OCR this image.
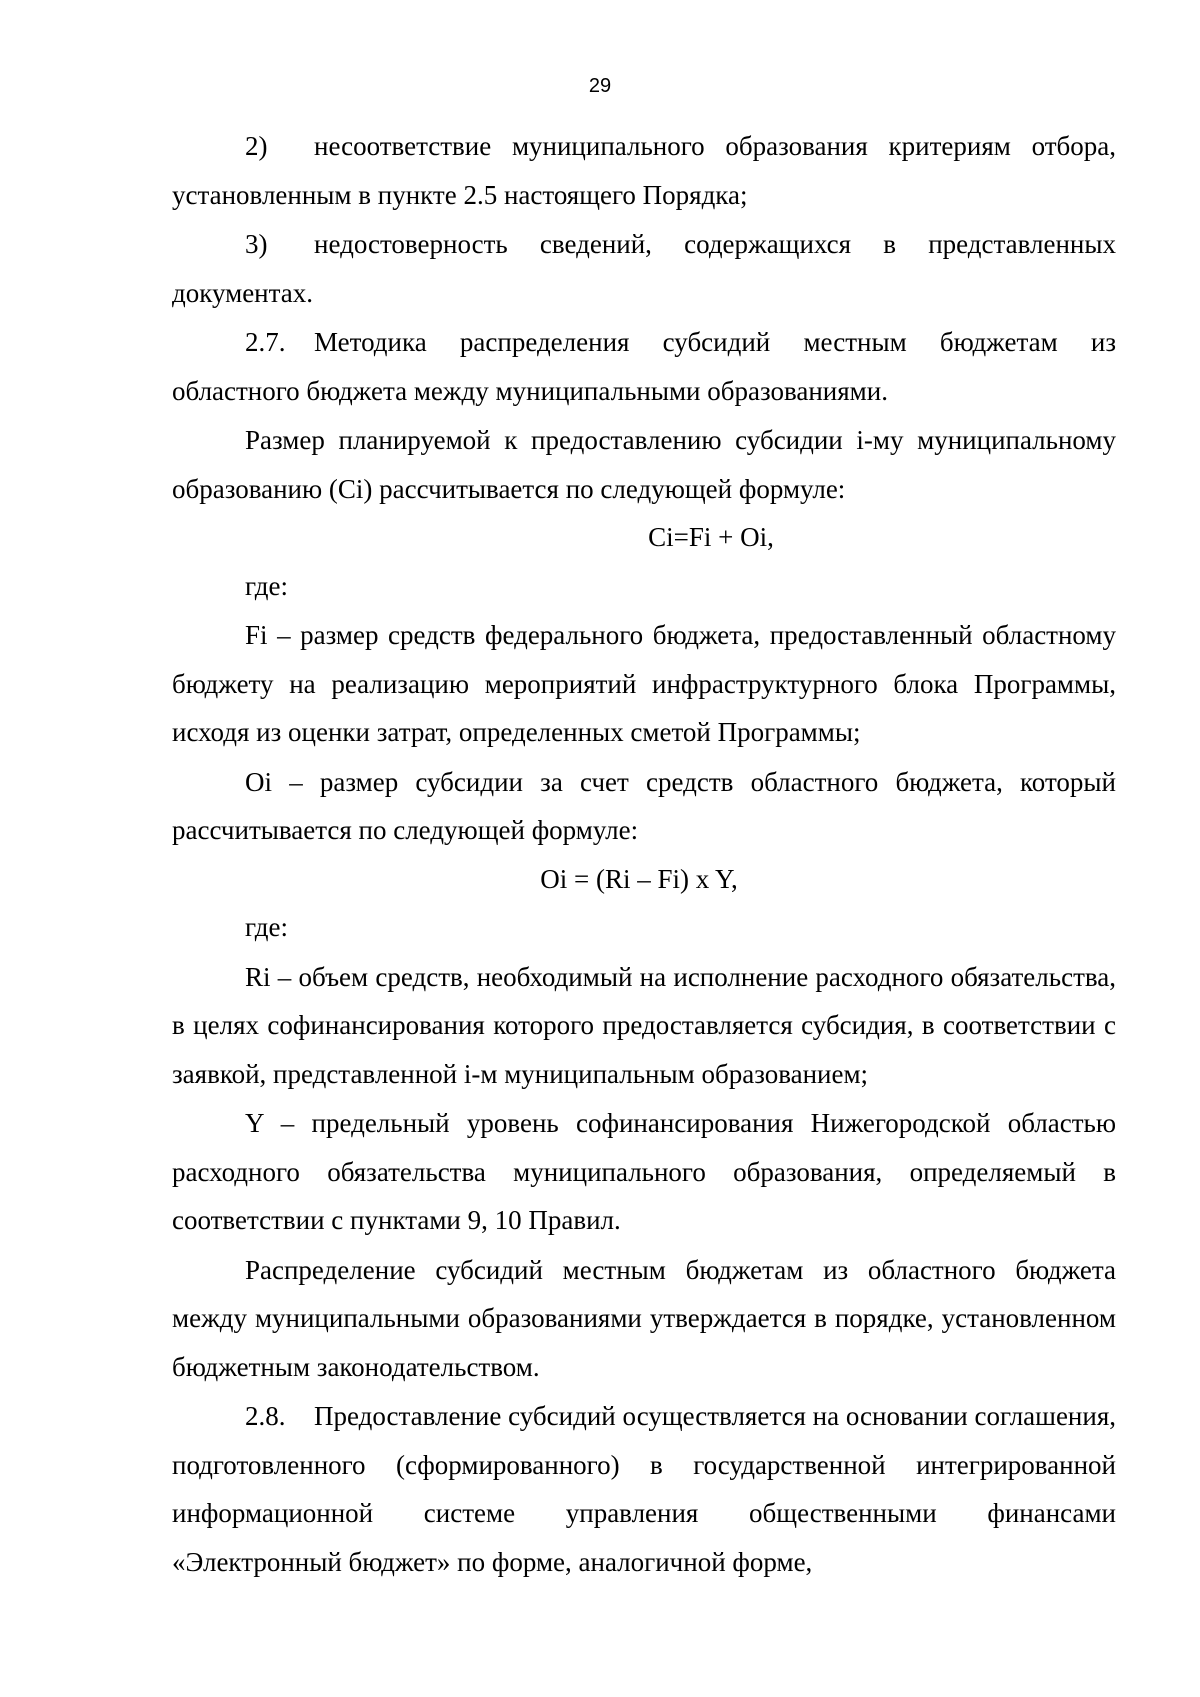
29

2) несоответствие муниципального образования критериям отбора, установленным в пункте 2.5 настоящего Порядка;

3) недостоверность сведений, содержащихся в представленных документах.

2.7. Методика распределения субсидий местным бюджетам из областного бюджета между муниципальными образованиями.

Размер планируемой к предоставлению субсидии i-му муниципальному образованию (Ci) рассчитывается по следующей формуле:

Ci=Fi + Oi,

где:

Fi – размер средств федерального бюджета, предоставленный областному бюджету на реализацию мероприятий инфраструктурного блока Программы, исходя из оценки затрат, определенных сметой Программы;

Oi – размер субсидии за счет средств областного бюджета, который рассчитывается по следующей формуле:

Oi = (Ri – Fi) x Y,

где:

Ri – объем средств, необходимый на исполнение расходного обязательства, в целях софинансирования которого предоставляется субсидия, в соответствии с заявкой, представленной i-м муниципальным образованием;

Y – предельный уровень софинансирования Нижегородской областью расходного обязательства муниципального образования, определяемый в соответствии с пунктами 9, 10 Правил.

Распределение субсидий местным бюджетам из областного бюджета между муниципальными образованиями утверждается в порядке, установленном бюджетным законодательством.

2.8. Предоставление субсидий осуществляется на основании соглашения, подготовленного (сформированного) в государственной интегрированной информационной системе управления общественными финансами «Электронный бюджет» по форме, аналогичной форме,
